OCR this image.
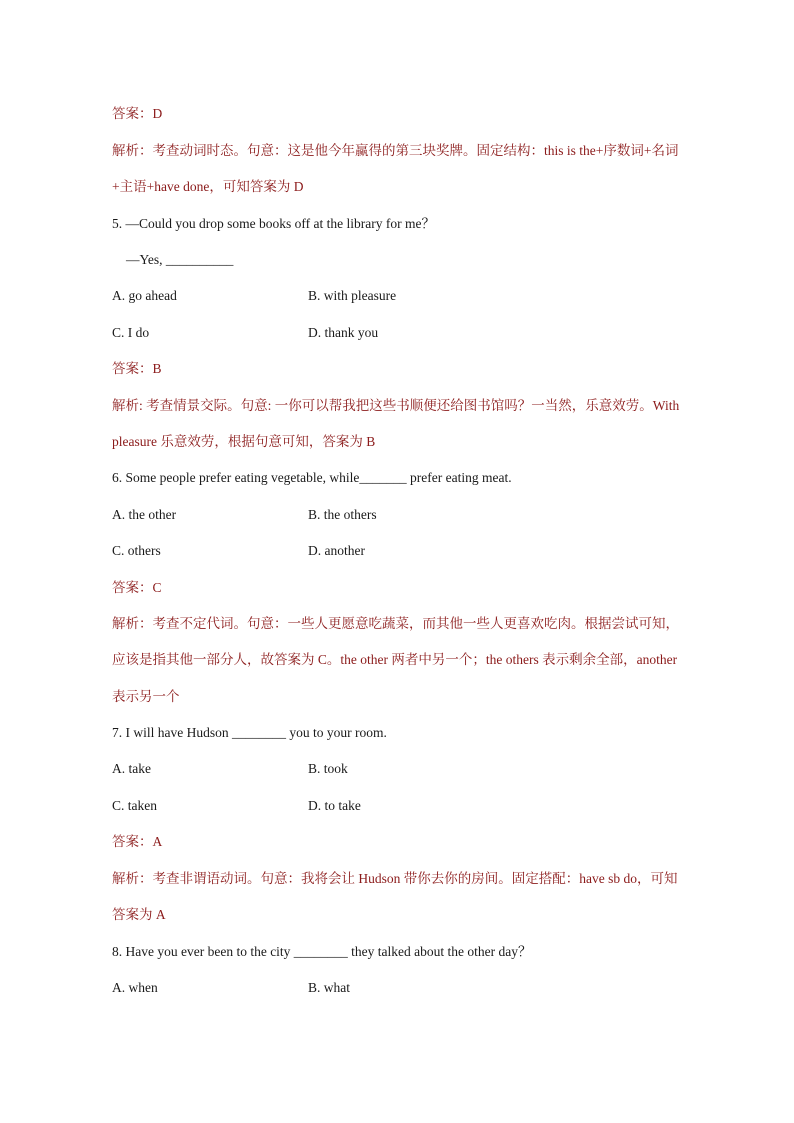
答案：D
解析：考查动词时态。句意：这是他今年赢得的第三块奖牌。固定结构：this is the+序数词+名词
+主语+have done，可知答案为 D
5. —Could you drop some books off at the library for me？
—Yes, __________
A. go ahead	B. with pleasure
C. I do	D. thank you
答案：B
解析: 考查情景交际。句意: 一你可以帮我把这些书顺便还给图书馆吗？一当然，乐意效劳。With
pleasure 乐意效劳，根据句意可知，答案为 B
6. Some people prefer eating vegetable, while_______ prefer eating meat.
A. the other	B. the others
C. others	D. another
答案：C
解析：考查不定代词。句意：一些人更愿意吃蔬菜，而其他一些人更喜欢吃肉。根据尝试可知，
应该是指其他一部分人，故答案为 C。the other 两者中另一个；the others 表示剩余全部，another
表示另一个
7. I will have Hudson ________ you to your room.
A. take	B. took
C. taken	D. to take
答案：A
解析：考查非谓语动词。句意：我将会让 Hudson 带你去你的房间。固定搭配：have sb do，可知
答案为 A
8. Have you ever been to the city ________ they talked about the other day？
A. when	B. what
